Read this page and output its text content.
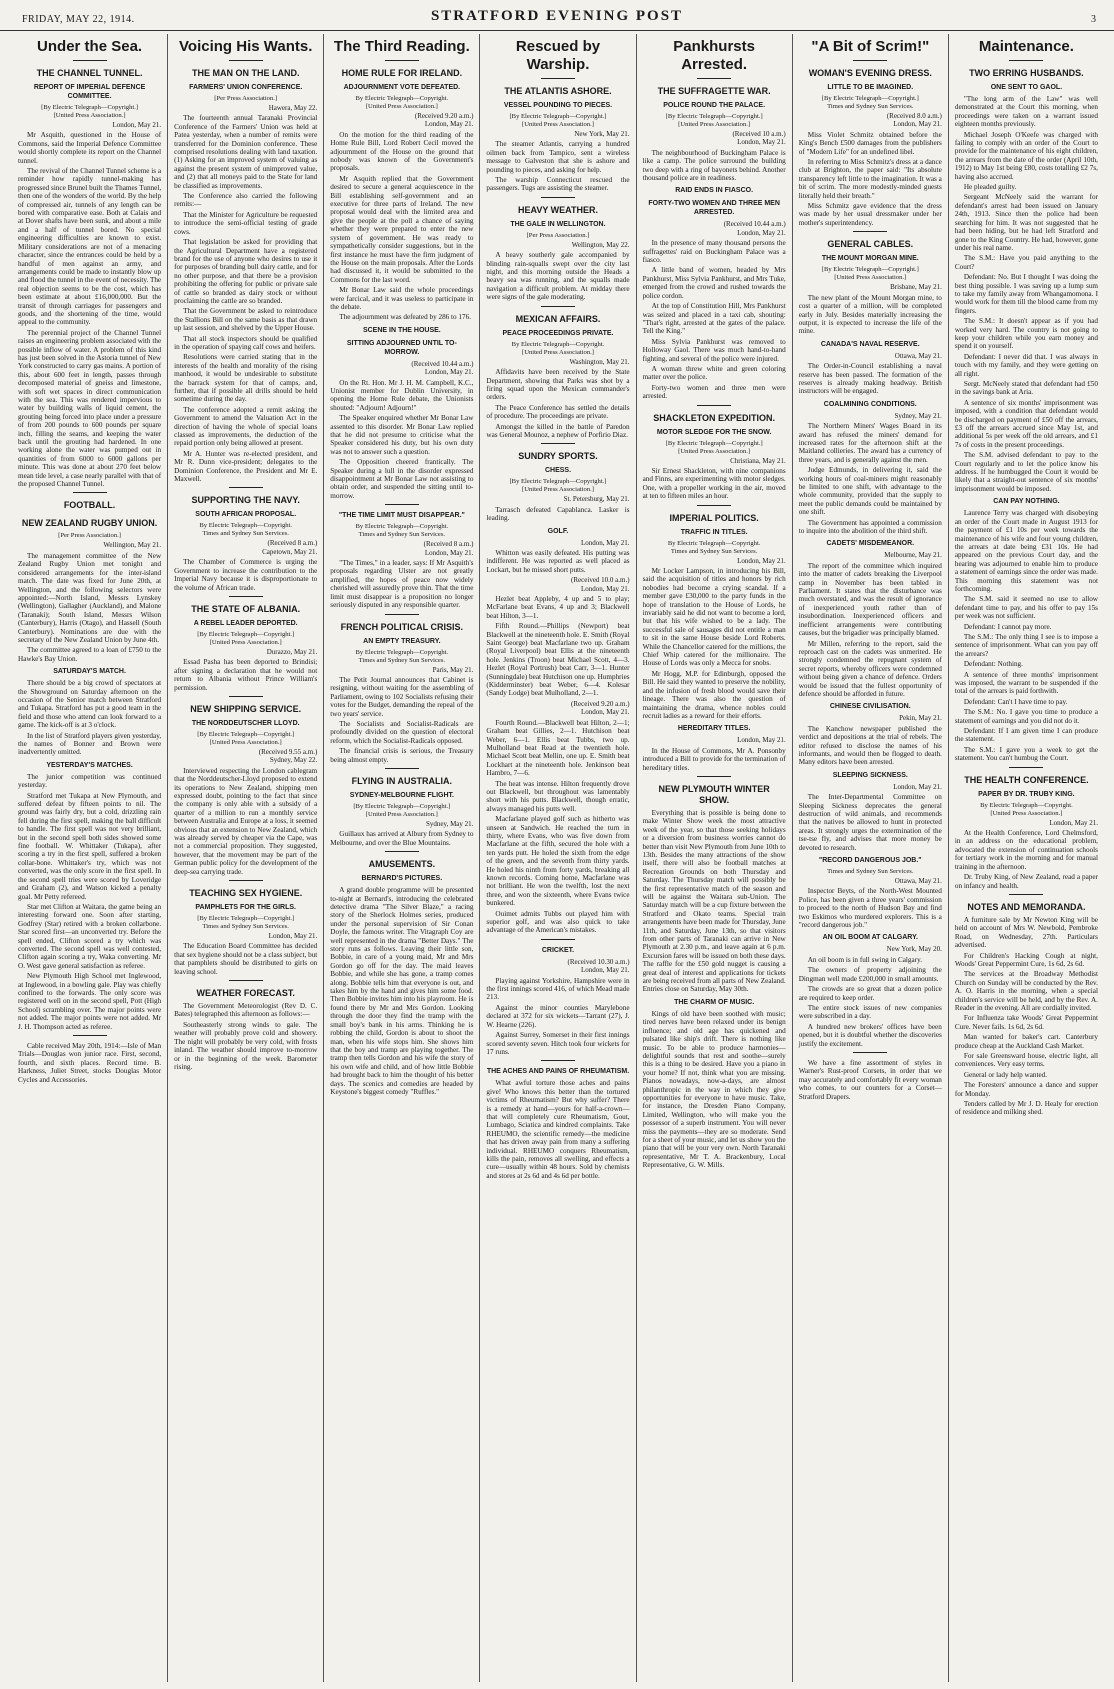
FRIDAY, MAY 22, 1914.	STRATFORD EVENING POST	3
Under the Sea.
THE CHANNEL TUNNEL.
REPORT OF IMPERIAL DEFENCE COMMITTEE.
[By Electric Telegraph—Copyright.]
[United Press Association.]
London, May 21.
Mr Asquith, questioned in the House of Commons, said the Imperial Defence Committee would shortly complete its report on the Channel tunnel.
The revival of the Channel Tunnel scheme is a reminder how rapidly tunnel-making has progressed since Brunel built the Thames Tunnel, then one of the wonders of the world. By the help of compressed air, tunnels of any length can be bored with comparative ease. Both at Calais and at Dover shafts have been sunk, and about a mile and a half of tunnel bored. No special engineering difficulties are known to exist. Military considerations are not of a menacing character, since the entrances could be held by a handful of men against an army, and arrangements could be made to instantly blow up and flood the tunnel in the event of necessity. The real objection seems to be the cost, which has been estimate at about £16,000,000. But the transit of through carriages for passengers and goods, and the shortening of the time, would appeal to the community.
The perennial project of the Channel Tunnel raises an engineering problem associated with the possible inflow of water. A problem of this kind has just been solved in the Astoria tunnel of New York constructed to carry gas mains. A portion of this, about 600 feet in length, passes through decomposed material of gneiss and limestone, with soft wet spaces in direct communication with the sea. This was rendered impervious to water by building walls of liquid cement, the grouting being forced into place under a pressure of from 200 pounds to 600 pounds per square inch, filling the seams, and keeping the water back until the grouting had hardened. In one working alone the water was pumped out in quantities of from 6000 to 6000 gallons per minute. This was done at about 270 feet below mean tide level, a case nearly parallel with that of the proposed Channel Tunnel.
FOOTBALL.
NEW ZEALAND RUGBY UNION.
[Per Press Association.]
Wellington, May 21.
The management committee of the New Zealand Rugby Union met tonight and considered arrangements for the inter-island match. The date was fixed for June 20th, at Wellington, and the following selectors were appointed:—North Island, Messrs Lynskey (Wellington), Gallagher (Auckland), and Malone (Taranaki); South Island, Messrs Wilson (Canterbury), Harris (Otago), and Hassell (South Canterbury). Nominations are due with the secretary of the New Zealand Union by June 4th.
The committee agreed to a loan of £750 to the Hawke's Bay Union.
SATURDAY'S MATCH.
There should be a big crowd of spectators at the Showground on Saturday afternoon on the occasion of the Senior match between Stratford and Tukapa. Stratford has put a good team in the field and those who attend can look forward to a game. The kick-off is at 3 o'clock.
In the list of Stratford players given yesterday, the names of Bonner and Brown were inadvertently omitted.
YESTERDAY'S MATCHES.
The junior competition was continued yesterday.
Stratford met Tukapa at New Plymouth, and suffered defeat by fifteen points to nil. The ground was fairly dry, but a cold, drizzling rain fell during the first spell, making the ball difficult to handle. The first spell was not very brilliant, but in the second spell both sides showed some fine football. W. Whittaker (Tukapa), after scoring a try in the first spell, suffered a broken collar-bone. Whittaker's try, which was not converted, was the only score in the first spell. In the second spell tries were scored by Loveridge and Graham (2), and Watson kicked a penalty goal. Mr Petty refereed.
Star met Clifton at Waitara, the game being an interesting forward one. Soon after starting, Godfrey (Star) retired with a broken collarbone. Star scored first—an unconverted try. Before the spell ended, Clifton scored a try which was converted. The second spell was well contested, Clifton again scoring a try, Waka converting. Mr O. West gave general satisfaction as referee.
New Plymouth High School met Inglewood, at Inglewood, in a bowling gale. Play was chiefly confined to the forwards. The only score was registered well on in the second spell, Pott (High School) scrambling over. The major points were not added. The major points were not added. Mr J. H. Thompson acted as referee.
Cable received May 20th, 1914:—Isle of Man Trials—Douglas won junior race. First, second, fourth, and sixth places. Record time. B. Harkness, Juliet Street, stocks Douglas Motor Cycles and Accessories.
Voicing His Wants.
THE MAN ON THE LAND.
FARMERS' UNION CONFERENCE.
[Per Press Association.]
Hawera, May 22.
The fourteenth annual Taranaki Provincial Conference of the Farmers' Union was held at Patea yesterday, when a number of remits were transferred for the Dominion conference. These comprised resolutions dealing with land taxation. (1) Asking for an improved system of valuing as against the present system of unimproved value, and (2) that all moneys paid to the State for land be classified as improvements.
The Conference also carried the following remits:—
That the Minister for Agriculture be requested to introduce the semi-official testing of grade cows.
That legislation be asked for providing that the Agricultural Department have a registered brand for the use of anyone who desires to use it for purposes of branding bull dairy cattle, and for no other purpose, and that there be a provision prohibiting the offering for public or private sale of cattle so branded as dairy stock or without proclaiming the cattle are so branded.
That the Government be asked to reintroduce the Stallions Bill on the same basis as that drawn up last session, and shelved by the Upper House.
That all stock inspectors should be qualified in the operation of spaying calf cows and heifers.
Resolutions were carried stating that in the interests of the health and morality of the rising manhood, it would be undesirable to substitute the barrack system for that of camps, and, further, that if possible all drills should be held sometime during the day.
The conference adopted a remit asking the Government to amend the Valuation Act in the direction of having the whole of special loans classed as improvements, the deduction of the repaid portion only being allowed at present.
Mr A. Hunter was re-elected president, and Mr R. Dunn vice-president; delegates to the Dominion Conference, the President and Mr E. Maxwell.
SUPPORTING THE NAVY.
SOUTH AFRICAN PROPOSAL.
By Electric Telegraph—Copyright.
Times and Sydney Sun Services.
(Received 8 a.m.)
Capetown, May 21.
The Chamber of Commerce is urging the Government to increase the contribution to the Imperial Navy because it is disproportionate to the volume of African trade.
THE STATE OF ALBANIA.
A REBEL LEADER DEPORTED.
[By Electric Telegraph—Copyright.]
[United Press Association.]
Durazzo, May 21.
Essad Pasha has been deported to Brindisi; after signing a declaration that he would not return to Albania without Prince William's permission.
NEW SHIPPING SERVICE.
THE NORDDEUTSCHER LLOYD.
[By Electric Telegraph—Copyright.]
[United Press Association.]
(Received 9.55 a.m.)
Sydney, May 22.
Interviewed respecting the London cablegram that the Norddeutscher-Lloyd proposed to extend its operations to New Zealand, shipping men expressed doubt, pointing to the fact that since the company is only able with a subsidy of a quarter of a million to run a monthly service between Australia and Europe at a loss, it seemed obvious that an extension to New Zealand, which was already served by cheaper via the Cape, was not a commercial proposition. They suggested, however, that the movement may be part of the German public policy for the development of the deep-sea carrying trade.
TEACHING SEX HYGIENE.
PAMPHLETS FOR THE GIRLS.
[By Electric Telegraph—Copyright.]
Times and Sydney Sun Services.
London, May 21.
The Education Board Committee has decided that sex hygiene should not be a class subject, but that pamphlets should be distributed to girls on leaving school.
WEATHER FORECAST.
The Government Meteorologist (Rev D. C. Bates) telegraphed this afternoon as follows:—
Southeasterly strong winds to gale. The weather will probably prove cold and showery. The night will probably be very cold, with frosts inland. The weather should improve to-morrow or in the beginning of the week. Barometer rising.
The Third Reading.
HOME RULE FOR IRELAND.
ADJOURNMENT VOTE DEFEATED.
By Electric Telegraph—Copyright.
[United Press Association.]
(Received 9.20 a.m.)
London, May 21.
On the motion for the third reading of the Home Rule Bill, Lord Robert Cecil moved the adjournment of the House on the ground that nobody was known of the Government's proposals.
Mr Asquith replied that the Government desired to secure a general acquiescence in the Bill establishing self-government and an executive for three parts of Ireland. The new proposal would deal with the limited area and give the people at the poll a chance of saying whether they were prepared to enter the new system of government. He was ready to sympathetically consider suggestions, but in the first instance he must have the firm judgment of the House on the main proposals. After the Lords had discussed it, it would be submitted to the Commons for the last word.
Mr Bonar Law said the whole proceedings were farcical, and it was useless to participate in the debate.
The adjournment was defeated by 286 to 176.
SCENE IN THE HOUSE.
SITTING ADJOURNED UNTIL TO-MORROW.
(Received 10.44 a.m.)
London, May 21.
On the Rt. Hon. Mr J. H. M. Campbell, K.C., Unionist member for Dublin University, in opening the Home Rule debate, the Unionists shouted: "Adjourn! Adjourn!"
The Speaker enquired whether Mr Bonar Law assented to this disorder. Mr Bonar Law replied that he did not presume to criticise what the Speaker considered his duty, but his own duty was not to answer such a question.
The Opposition cheered frantically. The Speaker during a lull in the disorder expressed disappointment at Mr Bonar Law not assisting to obtain order, and suspended the sitting until to-morrow.
"THE TIME LIMIT MUST DISAPPEAR."
By Electric Telegraph—Copyright.
Times and Sydney Sun Services.
(Received 8 a.m.)
London, May 21.
"The Times," in a leader, says: If Mr Asquith's proposals regarding Ulster are not greatly amplified, the hopes of peace now widely cherished will assuredly prove thin. That the time limit must disappear is a proposition no longer seriously disputed in any responsible quarter.
FRENCH POLITICAL CRISIS.
AN EMPTY TREASURY.
By Electric Telegraph—Copyright.
Times and Sydney Sun Services.
Paris, May 21.
The Petit Journal announces that Cabinet is resigning, without waiting for the assembling of Parliament, owing to 102 Socialists refusing their votes for the Budget, demanding the repeal of the two years' service.
The Socialists and Socialist-Radicals are profoundly divided on the question of electoral reform, which the Socialist-Radicals opposed.
The financial crisis is serious, the Treasury being almost empty.
FLYING IN AUSTRALIA.
SYDNEY-MELBOURNE FLIGHT.
[By Electric Telegraph—Copyright.]
[United Press Association.]
Sydney, May 21.
Guillaux has arrived at Albury from Sydney to Melbourne, and over the Blue Mountains.
AMUSEMENTS.
BERNARD'S PICTURES.
A grand double programme will be presented to-night at Bernard's, introducing the celebrated detective drama "The Silver Blaze," a racing story of the Sherlock Holmes series, produced under the personal supervision of Sir Conan Doyle, the famous writer. The Vitagraph Coy are well represented in the drama "Better Days." The story runs as follows. Leaving their little son, Bobbie, in care of a young maid, Mr and Mrs Gordon go off for the day. The maid leaves Bobbie, and while she has gone, a tramp comes along. Bobbie tells him that everyone is out, and takes him by the hand and gives him some food. Then Bobbie invites him into his playroom. He is found there by Mr and Mrs Gordon. Looking through the door they find the tramp with the small boy's bank in his arms. Thinking he is robbing the child, Gordon is about to shoot the man, when his wife stops him. She shows him that the boy and tramp are playing together. The tramp then tells Gordon and his wife the story of his own wife and child, and of how little Bobbie had brought back to him the thought of his better days. The scenics and comedies are headed by Keystone's biggest comedy "Ruffles."
Rescued by Warship.
THE ATLANTIS ASHORE.
VESSEL POUNDING TO PIECES.
[By Electric Telegraph—Copyright.]
[United Press Association.]
New York, May 21.
The steamer Atlantis, carrying a hundred oilmen back from Tampico, sent a wireless message to Galveston that she is ashore and pounding to pieces, and asking for help.
The warship Connecticut rescued the passengers. Tugs are assisting the steamer.
HEAVY WEATHER.
THE GALE IN WELLINGTON.
[Per Press Association.]
Wellington, May 22.
A heavy southerly gale accompanied by blinding rain-squalls swept over the city last night, and this morning outside the Heads a heavy sea was running, and the squalls made navigation a difficult problem. At midday there were signs of the gale moderating.
MEXICAN AFFAIRS.
PEACE PROCEEDINGS PRIVATE.
By Electric Telegraph—Copyright.
[United Press Association.]
Washington, May 21.
Affidavits have been received by the State Department, showing that Parks was shot by a firing squad upon the Mexican commander's orders.
The Peace Conference has settled the details of procedure. The proceedings are private.
Amongst the killed in the battle of Paredon was General Mounoz, a nephew of Porfirio Diaz.
SUNDRY SPORTS.
CHESS.
[By Electric Telegraph—Copyright.]
[United Press Association.]
St. Petersburg, May 21.
Tarrasch defeated Capablanca. Lasker is leading.
GOLF.
London, May 21.
Whitton was easily defeated. His putting was indifferent. He was reported as well placed as Lockart, but he missed short putts.
(Received 10.0 a.m.)
London, May 21.
Hezlet beat Appleby, 4 up and 5 to play; McFarlane beat Evans, 4 up and 3; Blackwell beat Hilton, 3—1.
Fifth Round.—Phillips (Newport) beat Blackwell at the nineteenth hole. E. Smith (Royal Saint George) beat Macfarlane two up. Graham (Royal Liverpool) beat Ellis at the nineteenth hole. Jenkins (Troon) beat Michael Scott, 4—3. Hezlet (Royal Portrush) beat Carr, 3—1. Hunter (Sunningdale) beat Hutchison one up. Humphries (Kidderminster) beat Weber, 6—4. Kolesar (Sandy Lodge) beat Mulholland, 2—1.
(Received 9.20 a.m.)
London, May 21.
Fourth Round.—Blackwell beat Hilton, 2—1; Graham beat Gillies, 2—1. Hutchison beat Weber, 6—1. Ellis beat Tubbs, two up. Mulholland beat Read at the twentieth hole. Michael Scott beat Mellin, one up. E. Smith beat Lockhart at the nineteenth hole. Jenkinson beat Hambro, 7—6.
The heat was intense. Hilton frequently drove out Blackwell, but throughout was lamentably short with his putts. Blackwell, though erratic, always managed his putts well.
Macfarlane played golf such as hitherto was unseen at Sandwich. He reached the turn in thirty, where Evans, who was five down from Macfarlane at the fifth, secured the hole with a ten yards putt. He holed the sixth from the edge of the green, and the seventh from thirty yards. He holed his ninth from forty yards, breaking all known records. Coming home, Macfarlane was not brilliant. He won the twelfth, lost the next three, and won the sixteenth, where Evans twice bunkered.
Ouimet admits Tubbs out played him with superior golf, and was also quick to take advantage of the American's mistakes.
CRICKET.
(Received 10.30 a.m.)
London, May 21.
Playing against Yorkshire, Hampshire were in the first innings scored 416, of which Mead made 213.
Against the minor counties Marylebone declared at 372 for six wickets—Tarrant (27), J. W. Hearne (226).
Against Surrey, Somerset in their first innings scored seventy seven. Hitch took four wickets for 17 runs.
THE ACHES AND PAINS OF RHEUMATISM.
What awful torture those aches and pains give! Who knows this better than the tortured victims of Rheumatism? But why suffer? There is a remedy at hand—yours for half-a-crown—that will completely cure Rheumatism, Gout, Lumbago, Sciatica and kindred complaints. Take RHEUMO, the scientific remedy—the medicine that has driven away pain from many a suffering individual. RHEUMO conquers Rheumatism, kills the pain, removes all swelling, and effects a cure—usually within 48 hours. Sold by chemists and stores at 2s 6d and 4s 6d per bottle.
Pankhursts Arrested.
THE SUFFRAGETTE WAR.
POLICE ROUND THE PALACE.
[By Electric Telegraph—Copyright.]
[United Press Association.]
(Received 10 a.m.)
London, May 21.
The neighbourhood of Buckingham Palace is like a camp. The police surround the building two deep with a ring of bayonets behind. Another thousand police are in readiness.
RAID ENDS IN FIASCO.
FORTY-TWO WOMEN AND THREE MEN ARRESTED.
(Received 10.44 a.m.)
London, May 21.
In the presence of many thousand persons the suffragettes' raid on Buckingham Palace was a fiasco.
A little band of women, headed by Mrs Pankhurst, Miss Sylvia Pankhurst, and Mrs Tuke, emerged from the crowd and rushed towards the police cordon.
At the top of Constitution Hill, Mrs Pankhurst was seized and placed in a taxi cab, shouting: "That's right, arrested at the gates of the palace. Tell the King."
Miss Sylvia Pankhurst was removed to Holloway Gaol. There was much hand-to-hand fighting, and several of the police were injured.
A woman threw white and green coloring matter over the police.
Forty-two women and three men were arrested.
SHACKLETON EXPEDITION.
MOTOR SLEDGE FOR THE SNOW.
[By Electric Telegraph—Copyright.]
[United Press Association.]
Christiana, May 21.
Sir Ernest Shackleton, with nine companions and Finns, are experimenting with motor sledges. One, with a propeller working in the air, moved at ten to fifteen miles an hour.
IMPERIAL POLITICS.
TRAFFIC IN TITLES.
By Electric Telegraph—Copyright.
Times and Sydney Sun Services.
London, May 21.
Mr Locker Lampson, in introducing his Bill, said the acquisition of titles and honors by rich nobodies had become a crying scandal. If a member gave £30,000 to the party funds in the hope of translation to the House of Lords, he invariably said he did not want to become a lord, but that his wife wished to be a lady. The successful sale of sausages did not entitle a man to sit in the same House beside Lord Roberts. While the Chancellor catered for the millions, the Chief Whip catered for the millionaire. The House of Lords was only a Mecca for snobs.
Mr Hogg, M.P. for Edinburgh, opposed the Bill. He said they wanted to preserve the nobility, and the infusion of fresh blood would save their lineage. There was also the question of maintaining the drama, whence nobles could recruit ladies as a reward for their efforts.
HEREDITARY TITLES.
London, May 21.
In the House of Commons, Mr A. Ponsonby introduced a Bill to provide for the termination of hereditary titles.
NEW PLYMOUTH WINTER SHOW.
Everything that is possible is being done to make Winter Show week the most attractive week of the year, so that those seeking holidays or a diversion from business worries cannot do better than visit New Plymouth from June 10th to 13th. Besides the many attractions of the show itself, there will also be football matches at Recreation Grounds on both Thursday and Saturday. The Thursday match will possibly be the first representative match of the season and will be against the Waitara sub-Union. The Saturday match will be a cup fixture between the Stratford and Okato teams. Special train arrangements have been made for Thursday, June 11th, and Saturday, June 13th, so that visitors from other parts of Taranaki can arrive in New Plymouth at 2.30 p.m., and leave again at 6 p.m. Excursion fares will be issued on both these days. The raffle for the £50 gold nugget is causing a great deal of interest and applications for tickets are being received from all parts of New Zealand. Entries close on Saturday, May 30th.
THE CHARM OF MUSIC.
Kings of old have been soothed with music; tired nerves have been relaxed under its benign influence; and old age has quickened and pulsated like ship's drift. There is nothing like music. To be able to produce harmonies—delightful sounds that rest and soothe—surely this is a thing to be desired. Have you a piano in your home? If not, think what you are missing. Pianos nowadays, now-a-days, are almost philanthropic in the way in which they give opportunities for everyone to have music. Take, for instance, the Dresden Piano Company, Limited, Wellington, who will make you the possessor of a superb instrument. You will never miss the payments—they are so moderate. Send for a sheet of your music, and let us show you the piano that will be your very own. North Taranaki representative, Mr T. A. Brackenbury, Local Representative, G. W. Mills.
"A Bit of Scrim!"
WOMAN'S EVENING DRESS.
LITTLE TO BE IMAGINED.
[By Electric Telegraph—Copyright.]
Times and Sydney Sun Services.
(Received 8.0 a.m.)
London, May 21.
Miss Violet Schmitz obtained before the King's Bench £500 damages from the publishers of "Modern Life" for an undefined libel.
In referring to Miss Schmitz's dress at a dance club at Brighton, the paper said: "Its absolute transparency left little to the imagination. It was a bit of scrim. The more modestly-minded guests literally held their breath."
Miss Schmitz gave evidence that the dress was made by her usual dressmaker under her mother's superintendency.
GENERAL CABLES.
THE MOUNT MORGAN MINE.
[By Electric Telegraph—Copyright.]
[United Press Association.]
Brisbane, May 21.
The new plant of the Mount Morgan mine, to cost a quarter of a million, will be completed early in July. Besides materially increasing the output, it is expected to increase the life of the mine.
CANADA'S NAVAL RESERVE.
Ottawa, May 21.
The Order-in-Council establishing a naval reserve has been passed. The formation of the reserves is already making headway. British instructors will be engaged.
COALMINING CONDITIONS.
Sydney, May 21.
The Northern Miners' Wages Board in its award has refused the miners' demand for increased rates for the afternoon shift at the Maitland collieries. The award has a currency of three years, and is generally against the men.
Judge Edmunds, in delivering it, said the working hours of coal-miners might reasonably be limited to one shift, with advantage to the whole community, provided that the supply to meet the public demands could be maintained by one shift.
The Government has appointed a commission to inquire into the abolition of the third shift.
CADETS' MISDEMEANOR.
Melbourne, May 21.
The report of the committee which inquired into the matter of cadets breaking the Liverpool camp in November has been tabled in Parliament. It states that the disturbance was much overstated, and was the result of ignorance of inexperienced youth rather than of insubordination. Inexperienced officers and inefficient arrangements were contributing causes, but the brigadier was principally blamed.
Mr Millen, referring to the report, said the reproach cast on the cadets was unmerited. He strongly condemned the repugnant system of secret reports, whereby officers were condemned without being given a chance of defence. Orders would be issued that the fullest opportunity of defence should be afforded in future.
CHINESE CIVILISATION.
Pekin, May 21.
The Kanchow newspaper published the verdict and depositions at the trial of rebels. The editor refused to disclose the names of his informants, and would then be flogged to death. Many editors have been arrested.
SLEEPING SICKNESS.
London, May 21.
The Inter-Departmental Committee on Sleeping Sickness deprecates the general destruction of wild animals, and recommends that the natives be allowed to hunt in protected areas. It strongly urges the extermination of the tse-tse fly, and advises that more money be devoted to research.
"RECORD DANGEROUS JOB."
Times and Sydney Sun Services.
Ottawa, May 21.
Inspector Beyts, of the North-West Mounted Police, has been given a three years' commission to proceed to the north of Hudson Bay and find two Eskimos who murdered explorers. This is a "record dangerous job."
AN OIL BOOM AT CALGARY.
New York, May 20.
An oil boom is in full swing in Calgary.
The owners of property adjoining the Dingman well made £200,000 in small amounts.
The crowds are so great that a dozen police are required to keep order.
The entire stock issues of new companies were subscribed in a day.
A hundred new brokers' offices have been opened, but it is doubtful whether the discoveries justify the excitement.
We have a fine assortment of styles in Warner's Rust-proof Corsets, in order that we may accurately and comfortably fit every woman who comes, to our counters for a Corset—Stratford Drapers.
Maintenance.
TWO ERRING HUSBANDS.
ONE SENT TO GAOL.
"The long arm of the Law" was well demonstrated at the Court this morning, when proceedings were taken on a warrant issued eighteen months previously.
Michael Joseph O'Keefe was charged with failing to comply with an order of the Court to provide for the maintenance of his eight children, the arrears from the date of the order (April 10th, 1912) to May 1st being £80, costs totalling £2 7s, having also accrued.
He pleaded guilty.
Sergeant McNeely said the warrant for defendant's arrest had been issued on January 24th, 1913. Since then the police had been searching for him. It was not suggested that he had been hiding, but he had left Stratford and gone to the King Country. He had, however, gone under his real name.
The S.M.: Have you paid anything to the Court?
Defendant: No. But I thought I was doing the best thing possible. I was saving up a lump sum to take my family away from Whangamomona. I would work for them till the blood came from my fingers.
The S.M.: It doesn't appear as if you had worked very hard. The country is not going to keep your children while you earn money and spend it on yourself.
Defendant: I never did that. I was always in touch with my family, and they were getting on all right.
Sergt. McNeely stated that defendant had £50 in the savings bank at Aria.
A sentence of six months' imprisonment was imposed, with a condition that defendant would be discharged on payment of £50 off the arrears, £3 off the arrears accrued since May 1st, and additional 5s per week off the old arrears, and £1 7s of costs in the present proceedings.
The S.M. advised defendant to pay to the Court regularly and to let the police know his address. If he humbugged the Court it would be likely that a straight-out sentence of six months' imprisonment would be imposed.
CAN PAY NOTHING.
Laurence Terry was charged with disobeying an order of the Court made in August 1913 for the payment of £1 10s per week towards the maintenance of his wife and four young children, the arrears at date being £31 10s. He had appeared on the previous Court day, and the hearing was adjourned to enable him to produce a statement of earnings since the order was made. This morning this statement was not forthcoming.
The S.M. said it seemed no use to allow defendant time to pay, and his offer to pay 15s per week was not sufficient.
Defendant: I cannot pay more.
The S.M.: The only thing I see is to impose a sentence of imprisonment. What can you pay off the arrears?
Defendant: Nothing.
A sentence of three months' imprisonment was imposed, the warrant to be suspended if the total of the arrears is paid forthwith.
Defendant: Can't I have time to pay.
The S.M.: No. I gave you time to produce a statement of earnings and you did not do it.
Defendant: If I am given time I can produce the statement.
The S.M.: I gave you a week to get the statement. You can't humbug the Court.
THE HEALTH CONFERENCE.
PAPER BY DR. TRUBY KING.
By Electric Telegraph—Copyright.
[United Press Association.]
London, May 21.
At the Health Conference, Lord Chelmsford, in an address on the educational problem, advocated the extension of continuation schools for tertiary work in the morning and for manual training in the afternoon.
Dr. Truby King, of New Zealand, read a paper on infancy and health.
NOTES AND MEMORANDA.
A furniture sale by Mr Newton King will be held on account of Mrs W. Newbold, Pembroke Road, on Wednesday, 27th. Particulars advertised.
For Children's Hacking Cough at night, Woods' Great Peppermint Cure, 1s 6d, 2s 6d.
The services at the Broadway Methodist Church on Sunday will be conducted by the Rev. A. O. Harris in the morning, when a special children's service will be held, and by the Rev. A. Reader in the evening. All are cordially invited.
For Influenza take Woods' Great Peppermint Cure. Never fails. 1s 6d, 2s 6d.
Man wanted for baker's cart. Canterbury produce cheap at the Auckland Cash Market.
For sale Greensward house, electric light, all conveniences. Very easy terms.
General or lady help wanted.
The Foresters' announce a dance and supper for Monday.
Tenders called by Mr J. D. Healy for erection of residence and milking shed.
